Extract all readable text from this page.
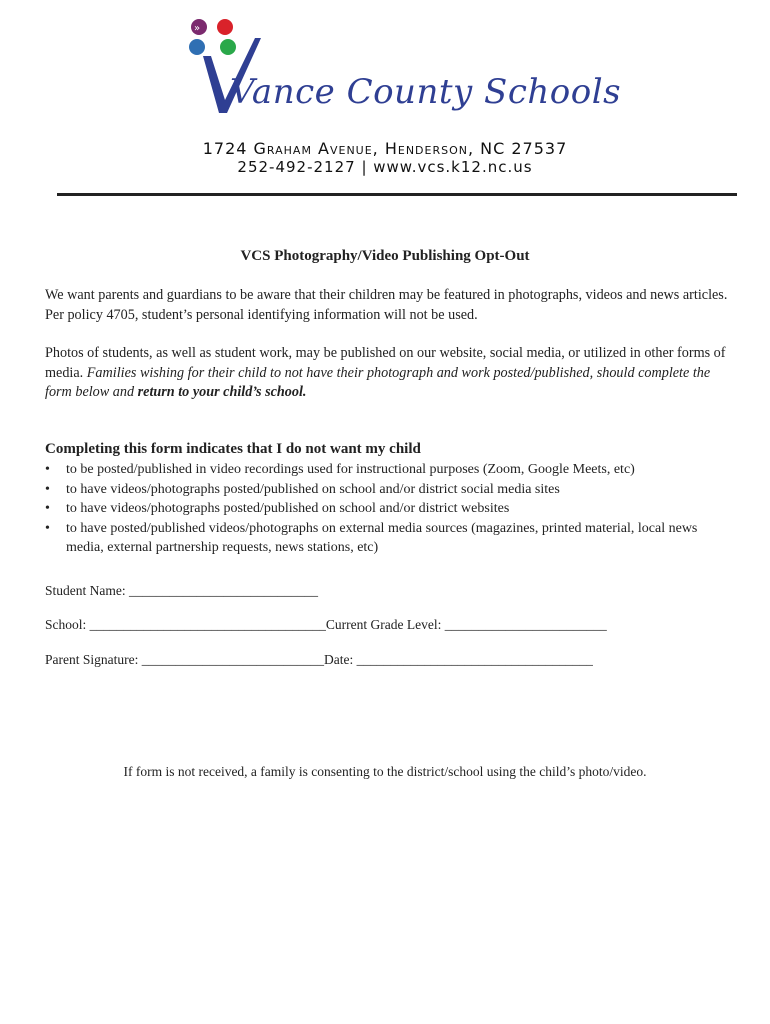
»
Vance County Schools
1724 Graham Avenue, Henderson, NC 27537
252-492-2127 | www.vcs.k12.nc.us
VCS Photography/Video Publishing Opt-Out

We want parents and guardians to be aware that their children may be featured in photographs, videos and news articles. Per policy 4705, student’s personal identifying information will not be used.

Photos of students, as well as student work, may be published on our website, social media, or utilized in other forms of media. Families wishing for their child to not have their photograph and work posted/published, should complete the form below and return to your child’s school.

Completing this form indicates that I do not want my child
• to be posted/published in video recordings used for instructional purposes (Zoom, Google Meets, etc)
• to have videos/photographs posted/published on school and/or district social media sites
• to have videos/photographs posted/published on school and/or district websites
• to have posted/published videos/photographs on external media sources (magazines, printed material, local news media, external partnership requests, news stations, etc)
Student Name: ____________________________
School: ___________________________________Current Grade Level: ________________________
Parent Signature: ___________________________Date: ___________________________________
If form is not received, a family is consenting to the district/school using the child’s photo/video.
